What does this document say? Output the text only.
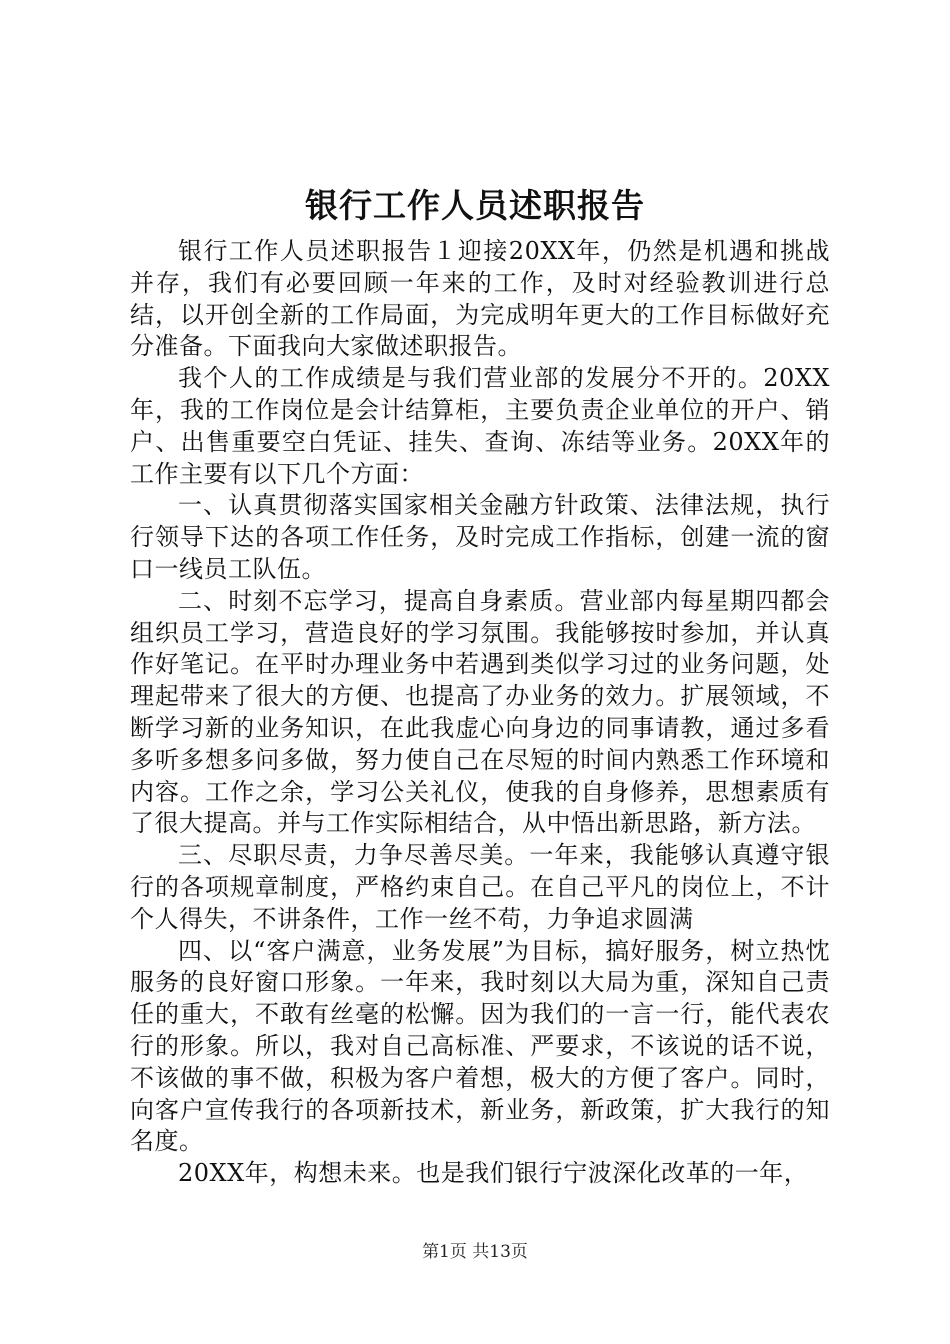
银行工作人员述职报告

银行工作人员述职报告１迎接20XX年，仍然是机遇和挑战并存，我们有必要回顾一年来的工作，及时对经验教训进行总结，以开创全新的工作局面，为完成明年更大的工作目标做好充分准备。下面我向大家做述职报告。

我个人的工作成绩是与我们营业部的发展分不开的。20XX年，我的工作岗位是会计结算柜，主要负责企业单位的开户、销户、出售重要空白凭证、挂失、查询、冻结等业务。20XX年的工作主要有以下几个方面：

一、认真贯彻落实国家相关金融方针政策、法律法规，执行行领导下达的各项工作任务，及时完成工作指标，创建一流的窗口一线员工队伍。

二、时刻不忘学习，提高自身素质。营业部内每星期四都会组织员工学习，营造良好的学习氛围。我能够按时参加，并认真作好笔记。在平时办理业务中若遇到类似学习过的业务问题，处理起带来了很大的方便、也提高了办业务的效力。扩展领域，不断学习新的业务知识，在此我虚心向身边的同事请教，通过多看多听多想多问多做，努力使自己在尽短的时间内熟悉工作环境和内容。工作之余，学习公关礼仪，使我的自身修养，思想素质有了很大提高。并与工作实际相结合，从中悟出新思路，新方法。

三、尽职尽责，力争尽善尽美。一年来，我能够认真遵守银行的各项规章制度，严格约束自己。在自己平凡的岗位上，不计个人得失，不讲条件，工作一丝不苟，力争追求圆满

四、以“客户满意，业务发展”为目标，搞好服务，树立热忱服务的良好窗口形象。一年来，我时刻以大局为重，深知自己责任的重大，不敢有丝毫的松懈。因为我们的一言一行，能代表农行的形象。所以，我对自己高标准、严要求，不该说的话不说，不该做的事不做，积极为客户着想，极大的方便了客户。同时，向客户宣传我行的各项新技术，新业务，新政策，扩大我行的知名度。

20XX年，构想未来。也是我们银行宁波深化改革的一年，

第1页 共13页
